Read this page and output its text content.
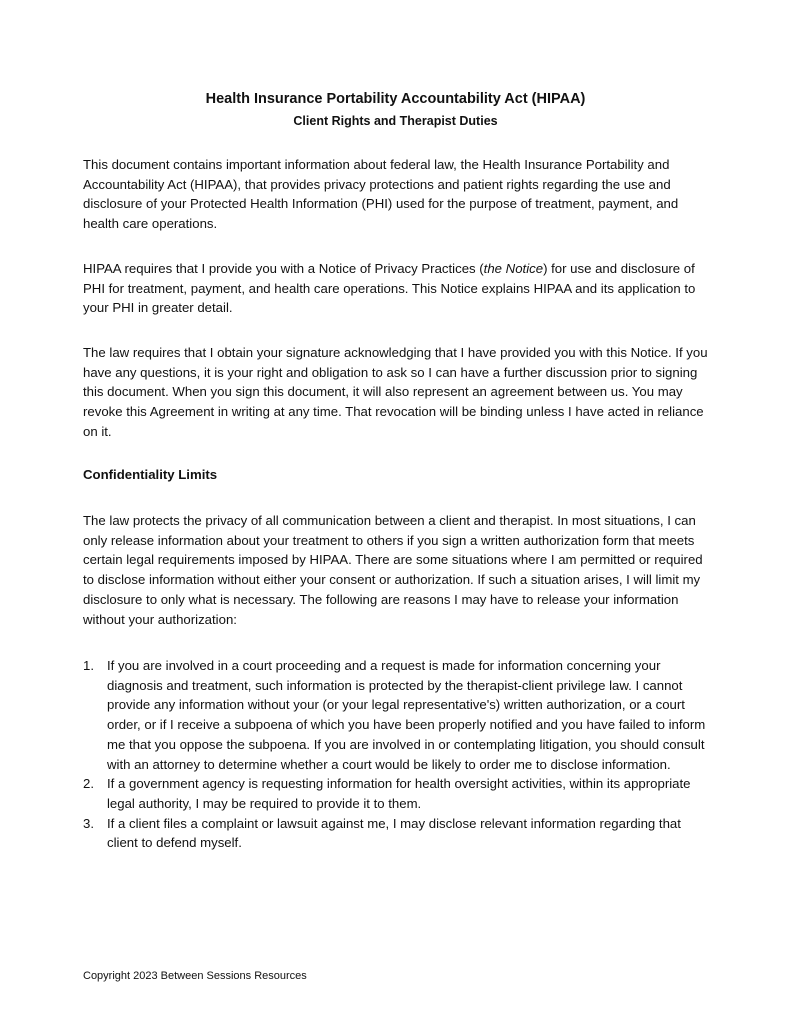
Health Insurance Portability Accountability Act (HIPAA)
Client Rights and Therapist Duties

This document contains important information about federal law, the Health Insurance Portability and Accountability Act (HIPAA), that provides privacy protections and patient rights regarding the use and disclosure of your Protected Health Information (PHI) used for the purpose of treatment, payment, and health care operations.

HIPAA requires that I provide you with a Notice of Privacy Practices (the Notice) for use and disclosure of PHI for treatment, payment, and health care operations. This Notice explains HIPAA and its application to your PHI in greater detail.

The law requires that I obtain your signature acknowledging that I have provided you with this Notice. If you have any questions, it is your right and obligation to ask so I can have a further discussion prior to signing this document. When you sign this document, it will also represent an agreement between us. You may revoke this Agreement in writing at any time. That revocation will be binding unless I have acted in reliance on it.

Confidentiality Limits

The law protects the privacy of all communication between a client and therapist. In most situations, I can only release information about your treatment to others if you sign a written authorization form that meets certain legal requirements imposed by HIPAA. There are some situations where I am permitted or required to disclose information without either your consent or authorization. If such a situation arises, I will limit my disclosure to only what is necessary. The following are reasons I may have to release your information without your authorization:

1. If you are involved in a court proceeding and a request is made for information concerning your diagnosis and treatment, such information is protected by the therapist-client privilege law. I cannot provide any information without your (or your legal representative's) written authorization, or a court order, or if I receive a subpoena of which you have been properly notified and you have failed to inform me that you oppose the subpoena. If you are involved in or contemplating litigation, you should consult with an attorney to determine whether a court would be likely to order me to disclose information.
2. If a government agency is requesting information for health oversight activities, within its appropriate legal authority, I may be required to provide it to them.
3. If a client files a complaint or lawsuit against me, I may disclose relevant information regarding that client to defend myself.
Copyright 2023 Between Sessions Resources
